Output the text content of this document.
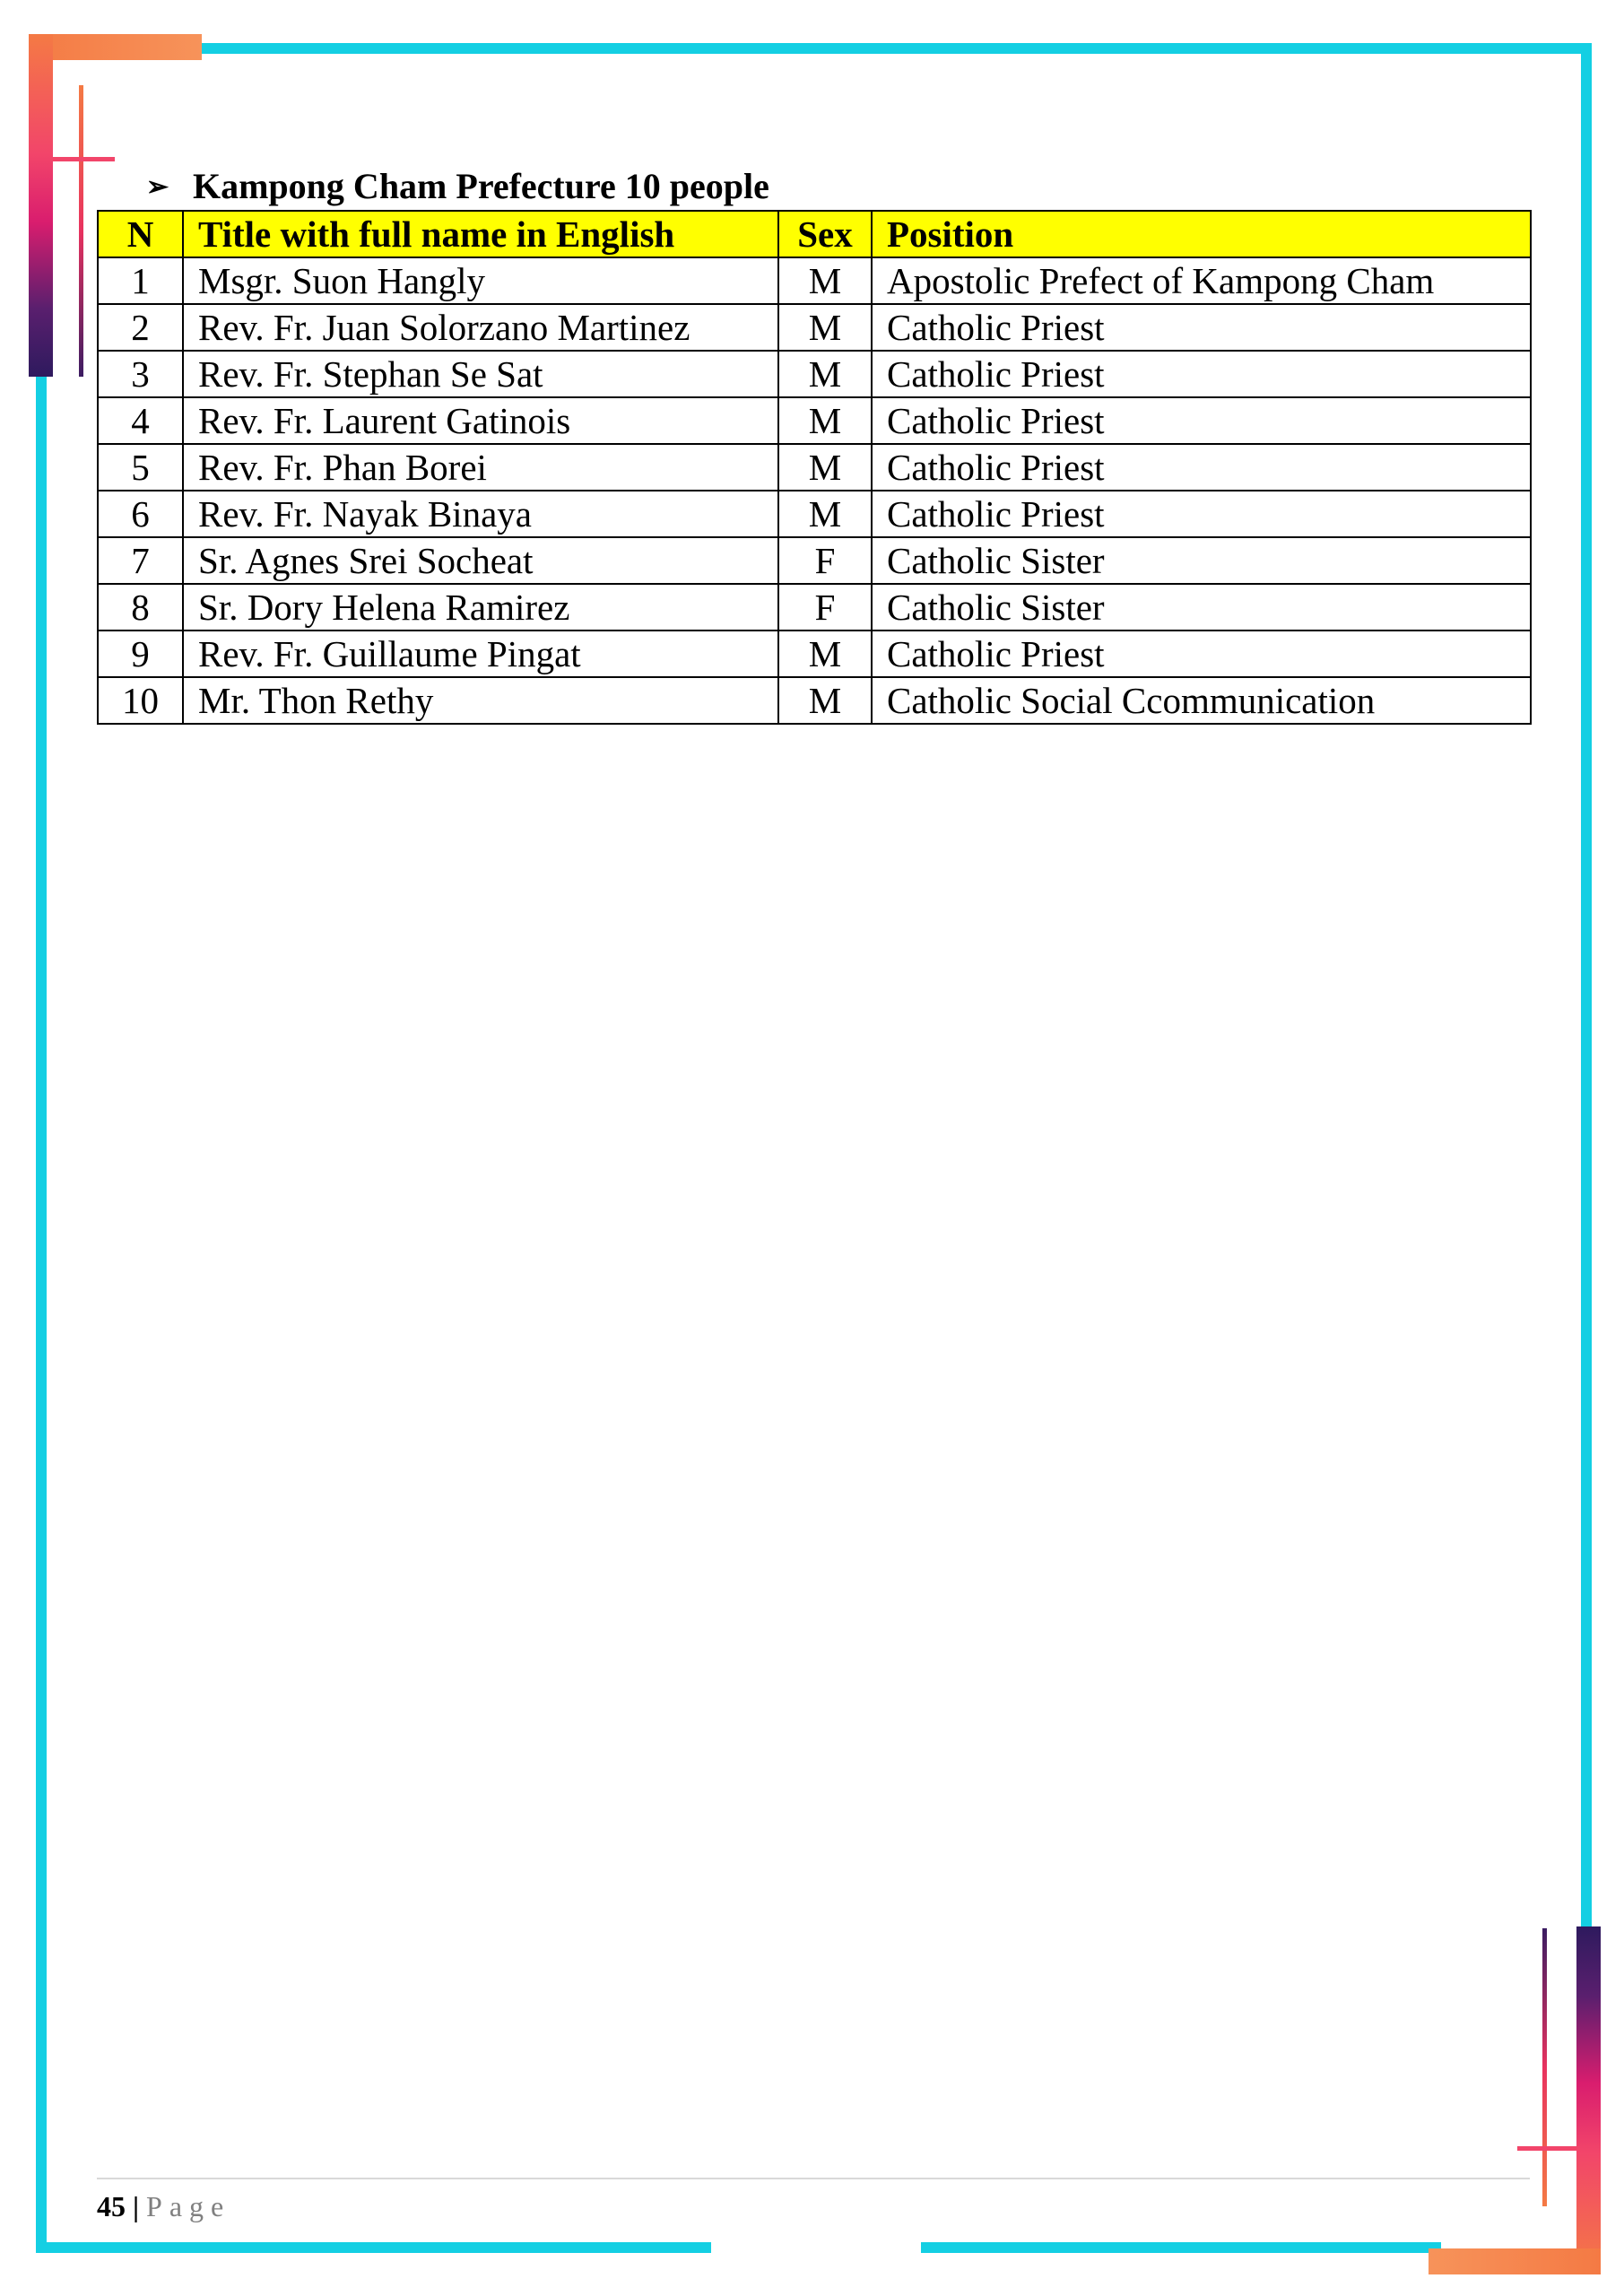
➢ Kampong Cham Prefecture 10 people
N	Title with full name in English	Sex	Position
1	Msgr. Suon Hangly	M	Apostolic Prefect of Kampong Cham
2	Rev. Fr. Juan Solorzano Martinez	M	Catholic Priest
3	Rev. Fr. Stephan Se Sat	M	Catholic Priest
4	Rev. Fr. Laurent Gatinois	M	Catholic Priest
5	Rev. Fr. Phan Borei	M	Catholic Priest
6	Rev. Fr. Nayak Binaya	M	Catholic Priest
7	Sr. Agnes Srei Socheat	F	Catholic Sister
8	Sr. Dory Helena Ramirez	F	Catholic Sister
9	Rev. Fr. Guillaume Pingat	M	Catholic Priest
10	Mr. Thon Rethy	M	Catholic Social Ccommunication
45 | Page
